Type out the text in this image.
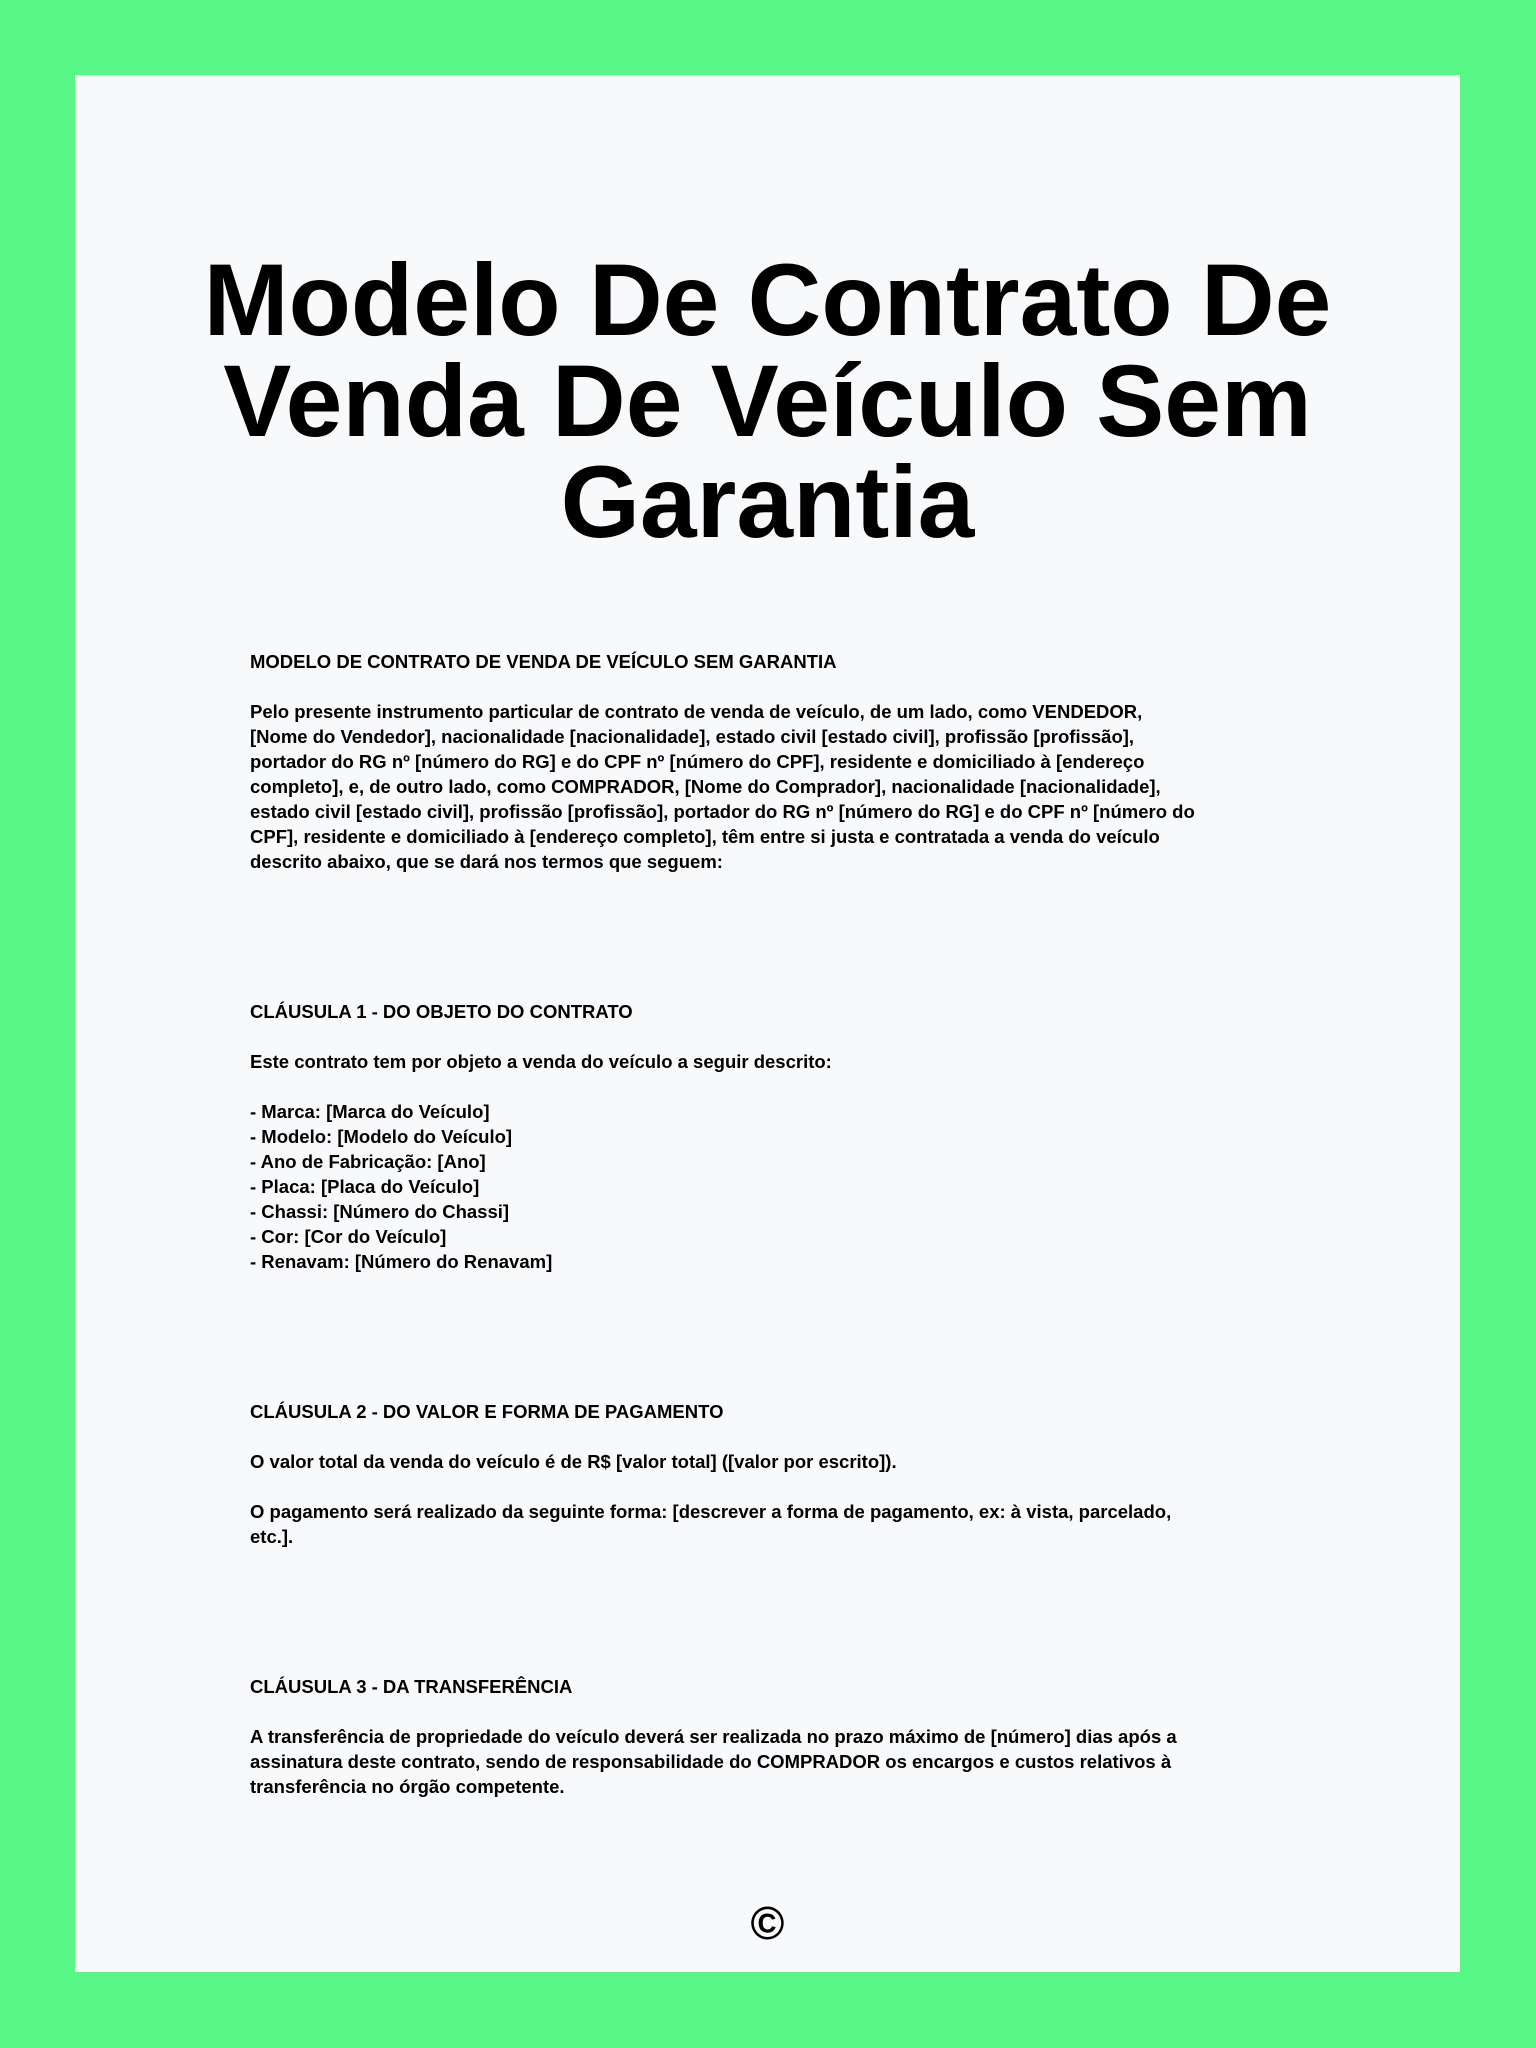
Modelo De Contrato De
Venda De Veículo Sem
Garantia

MODELO DE CONTRATO DE VENDA DE VEÍCULO SEM GARANTIA

Pelo presente instrumento particular de contrato de venda de veículo, de um lado, como VENDEDOR,

[Nome do Vendedor], nacionalidade [nacionalidade], estado civil [estado civil], profissão [profissão],

portador do RG nº [número do RG] e do CPF nº [número do CPF], residente e domiciliado à [endereço

completo], e, de outro lado, como COMPRADOR, [Nome do Comprador], nacionalidade [nacionalidade],

estado civil [estado civil], profissão [profissão], portador do RG nº [número do RG] e do CPF nº [número do

CPF], residente e domiciliado à [endereço completo], têm entre si justa e contratada a venda do veículo

descrito abaixo, que se dará nos termos que seguem:

CLÁUSULA 1 - DO OBJETO DO CONTRATO

Este contrato tem por objeto a venda do veículo a seguir descrito:

- Marca: [Marca do Veículo]
- Modelo: [Modelo do Veículo]
- Ano de Fabricação: [Ano]
- Placa: [Placa do Veículo]
- Chassi: [Número do Chassi]
- Cor: [Cor do Veículo]
- Renavam: [Número do Renavam]

CLÁUSULA 2 - DO VALOR E FORMA DE PAGAMENTO

O valor total da venda do veículo é de R$ [valor total] ([valor por escrito]).

O pagamento será realizado da seguinte forma: [descrever a forma de pagamento, ex: à vista, parcelado,

etc.].

CLÁUSULA 3 - DA TRANSFERÊNCIA

A transferência de propriedade do veículo deverá ser realizada no prazo máximo de [número] dias após a

assinatura deste contrato, sendo de responsabilidade do COMPRADOR os encargos e custos relativos à

transferência no órgão competente.

©
